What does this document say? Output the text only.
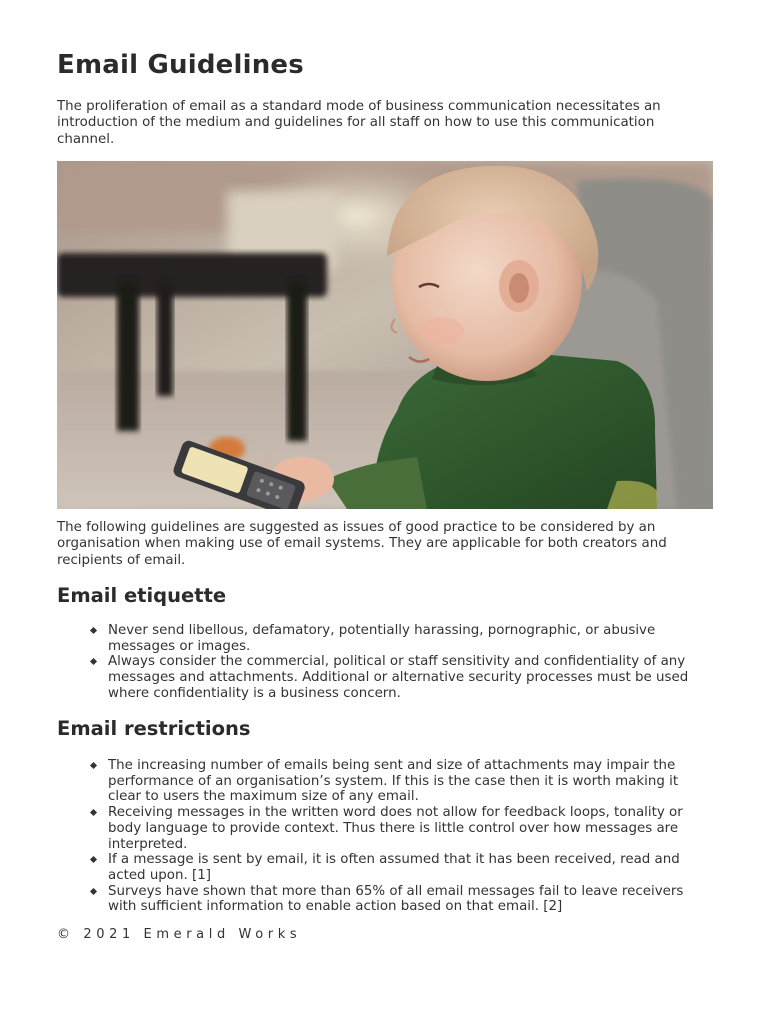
Email Guidelines

The proliferation of email as a standard mode of business communication necessitates an introduction of the medium and guidelines for all staff on how to use this communication channel.

The following guidelines are suggested as issues of good practice to be considered by an organisation when making use of email systems. They are applicable for both creators and recipients of email.

Email etiquette
Never send libellous, defamatory, potentially harassing, pornographic, or abusive messages or images.
Always consider the commercial, political or staff sensitivity and confidentiality of any messages and attachments. Additional or alternative security processes must be used where confidentiality is a business concern.
Email restrictions
The increasing number of emails being sent and size of attachments may impair the performance of an organisation’s system. If this is the case then it is worth making it clear to users the maximum size of any email.
Receiving messages in the written word does not allow for feedback loops, tonality or body language to provide context. Thus there is little control over how messages are interpreted.
If a message is sent by email, it is often assumed that it has been received, read and acted upon. [1]
Surveys have shown that more than 65% of all email messages fail to leave receivers with sufficient information to enable action based on that email. [2]

© 2021 Emerald Works
